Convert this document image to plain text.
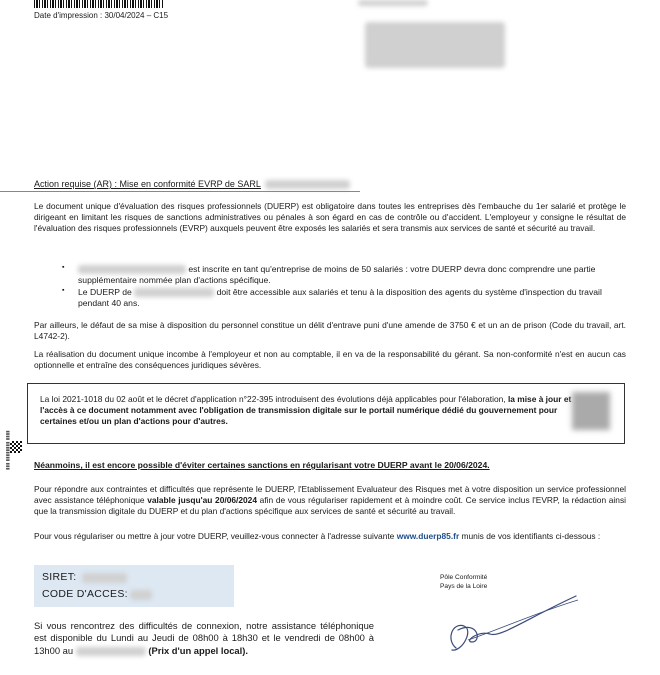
Date d'impression : 30/04/2024 – C15
Action requise (AR) : Mise en conformité EVRP de SARL
Le document unique d'évaluation des risques professionnels (DUERP) est obligatoire dans toutes les entreprises dès l'embauche du 1er salarié et protège le dirigeant en limitant les risques de sanctions administratives ou pénales à son égard en cas de contrôle ou d'accident. L'employeur y consigne le résultat de l'évaluation des risques professionnels (EVRP) auxquels peuvent être exposés les salariés et sera transmis aux services de santé et sécurité au travail.
▪ est inscrite en tant qu'entreprise de moins de 50 salariés : votre DUERP devra donc comprendre une partie supplémentaire nommée plan d'actions spécifique.
▪ Le DUERP de	doit être accessible aux salariés et tenu à la disposition des agents du système d'inspection du travail pendant 40 ans.
Par ailleurs, le défaut de sa mise à disposition du personnel constitue un délit d'entrave puni d'une amende de 3750 € et un an de prison (Code du travail, art. L4742-2).
La réalisation du document unique incombe à l'employeur et non au comptable, il en va de la responsabilité du gérant. Sa non-conformité n'est en aucun cas optionnelle et entraîne des conséquences juridiques sévères.
La loi 2021-1018 du 02 août et le décret d'application n°22-395 introduisent des évolutions déjà applicables pour l'élaboration, la mise à jour et l'accès à ce document notamment avec l'obligation de transmission digitale sur le portail numérique dédié du gouvernement pour certaines et/ou un plan d'actions pour d'autres.
▮▮▮ ▮▮▮▮▮▮▮▮ ▮▮▮▮	Néanmoins, il est encore possible d'éviter certaines sanctions en régularisant votre DUERP avant le 20/06/2024.
Pour répondre aux contraintes et difficultés que représente le DUERP, l'Etablissement Evaluateur des Risques met à votre disposition un service professionnel avec assistance téléphonique valable jusqu'au 20/06/2024 afin de vous régulariser rapidement et à moindre coût. Ce service inclus l'EVRP, la rédaction ainsi que la transmission digitale du DUERP et du plan d'actions spécifique aux services de santé et sécurité au travail.
Pour vous régulariser ou mettre à jour votre DUERP, veuillez-vous connecter à l'adresse suivante www.duerp85.fr munis de vos identifiants ci-dessous :
SIRET:
CODE D'ACCES:
Pôle Conformité
Pays de la Loire
Si vous rencontrez des difficultés de connexion, notre assistance téléphonique est disponible du Lundi au Jeudi de 08h00 à 18h30 et le vendredi de 08h00 à 13h00 au	(Prix d'un appel local).
